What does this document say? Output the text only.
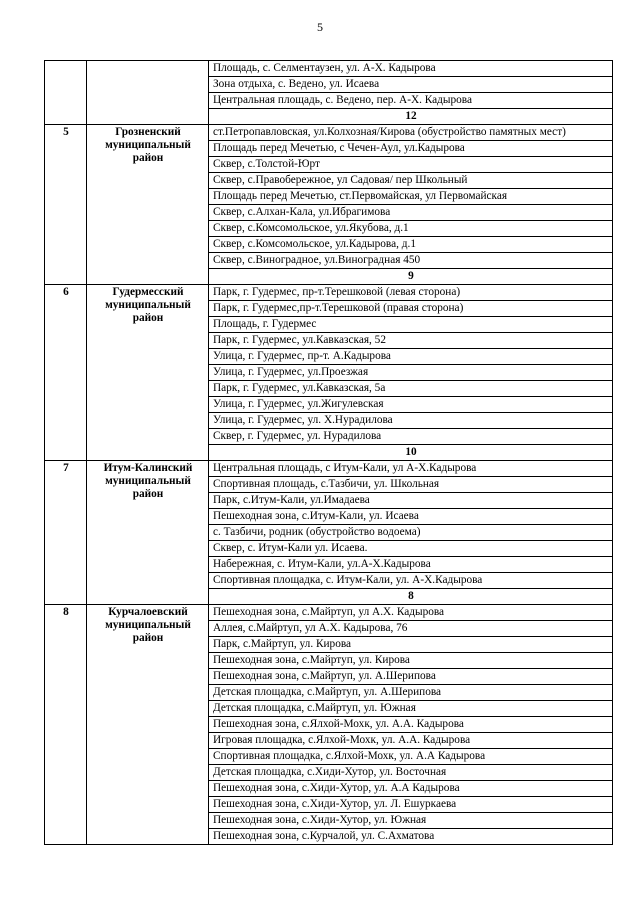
5
		Площадь, с. Селментаузен, ул. А-Х. Кадырова
		Зона отдыха, с. Ведено, ул. Исаева
		Центральная площадь, с. Ведено, пер. А-Х. Кадырова
		12
5	Грозненский муниципальный район	ст.Петропавловская, ул.Колхозная/Кирова (обустройство памятных мест)
		Площадь перед Мечетью, с Чечен-Аул, ул.Кадырова
		Сквер, с.Толстой-Юрт
		Сквер, с.Правобережное, ул Садовая/ пер Школьный
		Площадь перед Мечетью, ст.Первомайская, ул Первомайская
		Сквер, с.Алхан-Кала, ул.Ибрагимова
		Сквер, с.Комсомольское, ул.Якубова, д.1
		Сквер, с.Комсомольское, ул.Кадырова, д.1
		Сквер, с.Виноградное, ул.Виноградная 450
		9
6	Гудермесский муниципальный район	Парк, г. Гудермес, пр-т.Терешковой (левая сторона)
		Парк, г. Гудермес,пр-т.Терешковой (правая сторона)
		Площадь, г. Гудермес
		Парк, г. Гудермес, ул.Кавказская, 52
		Улица, г. Гудермес, пр-т. А.Кадырова
		Улица, г. Гудермес, ул.Проезжая
		Парк, г. Гудермес, ул.Кавказская, 5а
		Улица, г. Гудермес, ул.Жигулевская
		Улица, г. Гудермес, ул. Х.Нурадилова
		Сквер, г. Гудермес, ул. Нурадилова
		10
7	Итум-Калинский муниципальный район	Центральная площадь, с Итум-Кали, ул А-Х.Кадырова
		Спортивная площадь, с.Тазбичи, ул. Школьная
		Парк, с.Итум-Кали, ул.Имадаева
		Пешеходная зона, с.Итум-Кали, ул. Исаева
		с. Тазбичи, родник (обустройство водоема)
		Сквер, с. Итум-Кали ул. Исаева.
		Набережная, с. Итум-Кали, ул.А-Х.Кадырова
		Спортивная площадка, с. Итум-Кали, ул. А-Х.Кадырова
		8
8	Курчалоевский муниципальный район	Пешеходная зона, с.Майртуп, ул А.Х. Кадырова
		Аллея, с.Майртуп, ул А.Х. Кадырова, 76
		Парк, с.Майртуп, ул. Кирова
		Пешеходная зона, с.Майртуп, ул. Кирова
		Пешеходная зона, с.Майртуп, ул. А.Шерипова
		Детская площадка, с.Майртуп, ул. А.Шерипова
		Детская площадка, с.Майртуп, ул. Южная
		Пешеходная зона, с.Ялхой-Мохк, ул. А.А. Кадырова
		Игровая площадка, с.Ялхой-Мохк, ул. А.А. Кадырова
		Спортивная площадка, с.Ялхой-Мохк, ул. А.А Кадырова
		Детская площадка, с.Хиди-Хутор, ул. Восточная
		Пешеходная зона, с.Хиди-Хутор, ул. А.А Кадырова
		Пешеходная зона, с.Хиди-Хутор, ул. Л. Ешуркаева
		Пешеходная зона, с.Хиди-Хутор, ул. Южная
		Пешеходная зона, с.Курчалой, ул. С.Ахматова
